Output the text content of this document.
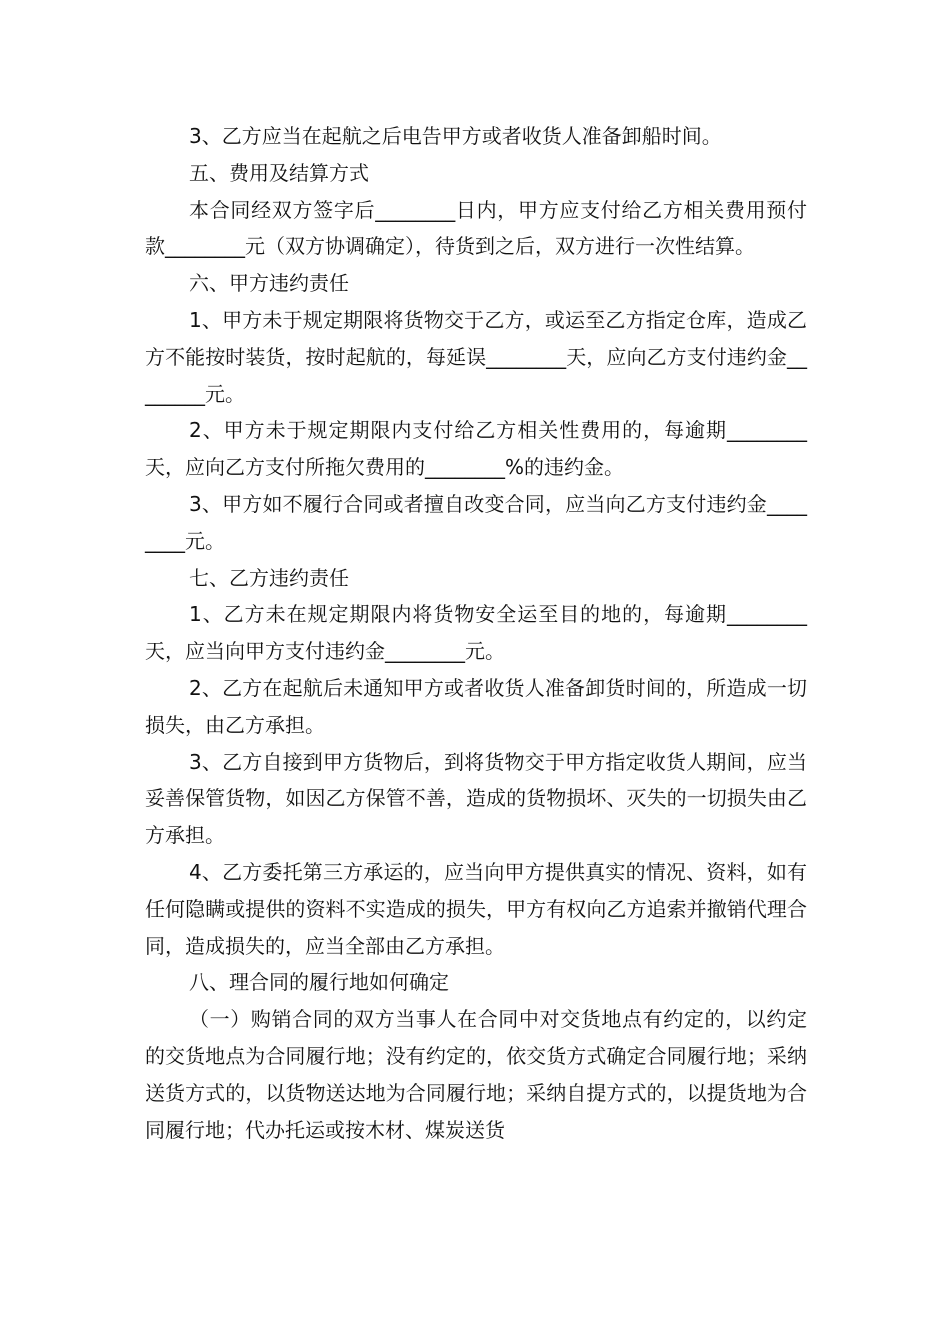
3、乙方应当在起航之后电告甲方或者收货人准备卸船时间。

五、费用及结算方式

本合同经双方签字后________日内，甲方应支付给乙方相关费用预付款________元（双方协调确定），待货到之后，双方进行一次性结算。

六、甲方违约责任

1、甲方未于规定期限将货物交于乙方，或运至乙方指定仓库，造成乙方不能按时装货，按时起航的，每延误________天，应向乙方支付违约金________元。

2、甲方未于规定期限内支付给乙方相关性费用的，每逾期________天，应向乙方支付所拖欠费用的________%的违约金。

3、甲方如不履行合同或者擅自改变合同，应当向乙方支付违约金________元。

七、乙方违约责任

1、乙方未在规定期限内将货物安全运至目的地的，每逾期________天，应当向甲方支付违约金________元。

2、乙方在起航后未通知甲方或者收货人准备卸货时间的，所造成一切损失，由乙方承担。

3、乙方自接到甲方货物后，到将货物交于甲方指定收货人期间，应当妥善保管货物，如因乙方保管不善，造成的货物损坏、灭失的一切损失由乙方承担。

4、乙方委托第三方承运的，应当向甲方提供真实的情况、资料，如有任何隐瞒或提供的资料不实造成的损失，甲方有权向乙方追索并撤销代理合同，造成损失的，应当全部由乙方承担。

八、理合同的履行地如何确定

（一）购销合同的双方当事人在合同中对交货地点有约定的，以约定的交货地点为合同履行地；没有约定的，依交货方式确定合同履行地；采纳送货方式的，以货物送达地为合同履行地；采纳自提方式的，以提货地为合同履行地；代办托运或按木材、煤炭送货
